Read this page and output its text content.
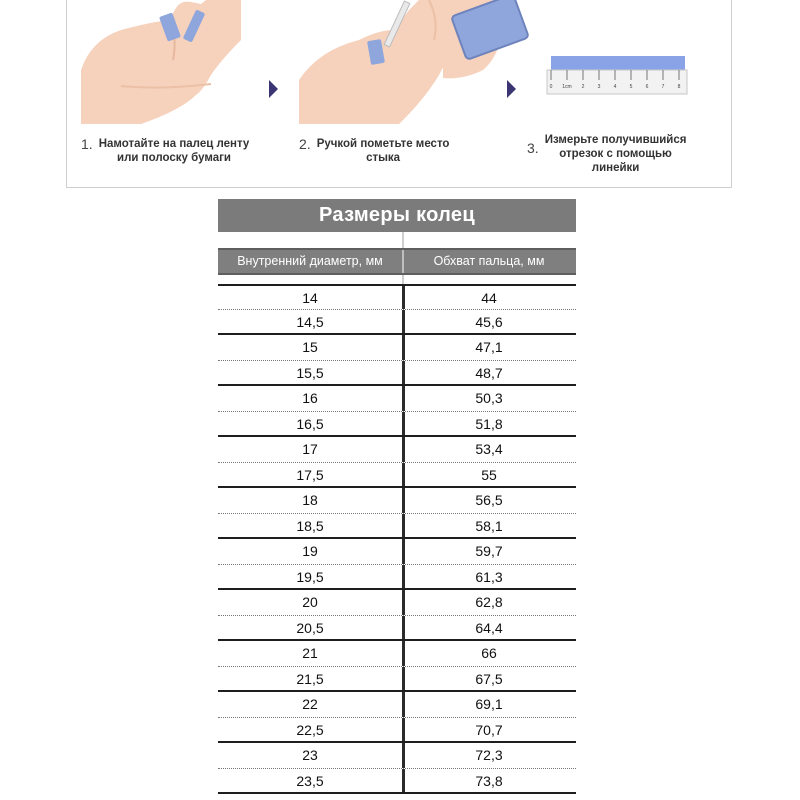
0 1cm 2	3	4	5	6	7	8
1. Намотайте на палец ленту
или полоску бумаги
2. Ручкой пометьте место
стыка
3. Измерьте получившийся
отрезок с помощью
линейки
Размеры колец
Внутренний диаметр, мм	Обхват пальца, мм
14	44
14,5	45,6
15	47,1
15,5	48,7
16	50,3
16,5	51,8
17	53,4
17,5	55
18	56,5
18,5	58,1
19	59,7
19,5	61,3
20	62,8
20,5	64,4
21	66
21,5	67,5
22	69,1
22,5	70,7
23	72,3
23,5	73,8
